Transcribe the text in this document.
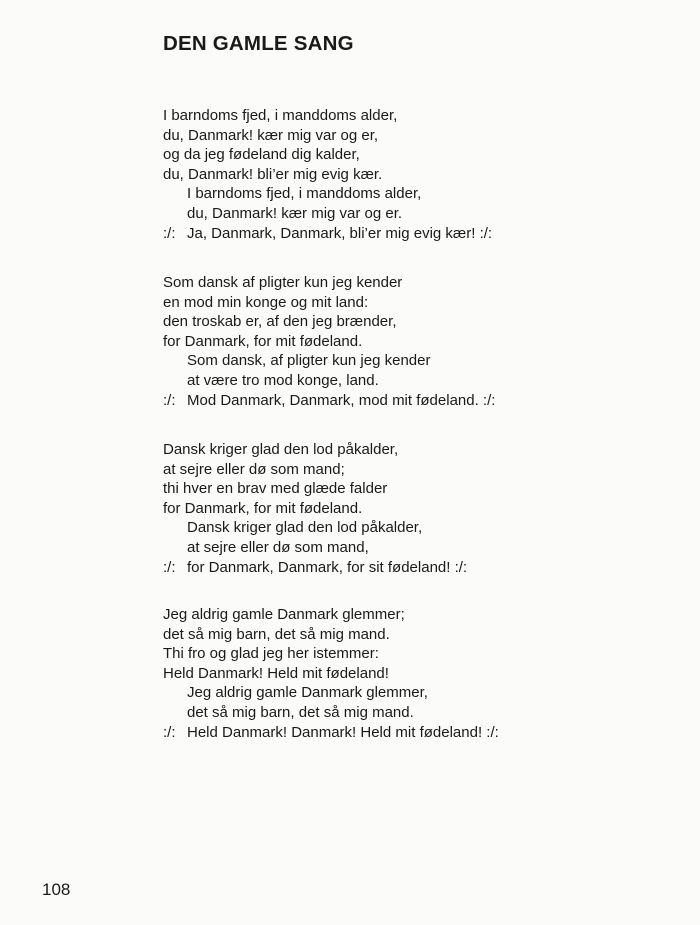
DEN GAMLE SANG
I barndoms fjed, i manddoms alder,
du, Danmark! kær mig var og er,
og da jeg fødeland dig kalder,
du, Danmark! bli’er mig evig kær.
I barndoms fjed, i manddoms alder,
du, Danmark! kær mig var og er.
:/: Ja, Danmark, Danmark, bli’er mig evig kær! :/:
Som dansk af pligter kun jeg kender
en mod min konge og mit land:
den troskab er, af den jeg brænder,
for Danmark, for mit fødeland.
Som dansk, af pligter kun jeg kender
at være tro mod konge, land.
:/: Mod Danmark, Danmark, mod mit fødeland. :/:
Dansk kriger glad den lod påkalder,
at sejre eller dø som mand;
thi hver en brav med glæde falder
for Danmark, for mit fødeland.
Dansk kriger glad den lod påkalder,
at sejre eller dø som mand,
:/: for Danmark, Danmark, for sit fødeland! :/:
Jeg aldrig gamle Danmark glemmer;
det så mig barn, det så mig mand.
Thi fro og glad jeg her istemmer:
Held Danmark! Held mit fødeland!
Jeg aldrig gamle Danmark glemmer,
det så mig barn, det så mig mand.
:/: Held Danmark! Danmark! Held mit fødeland! :/:
108
